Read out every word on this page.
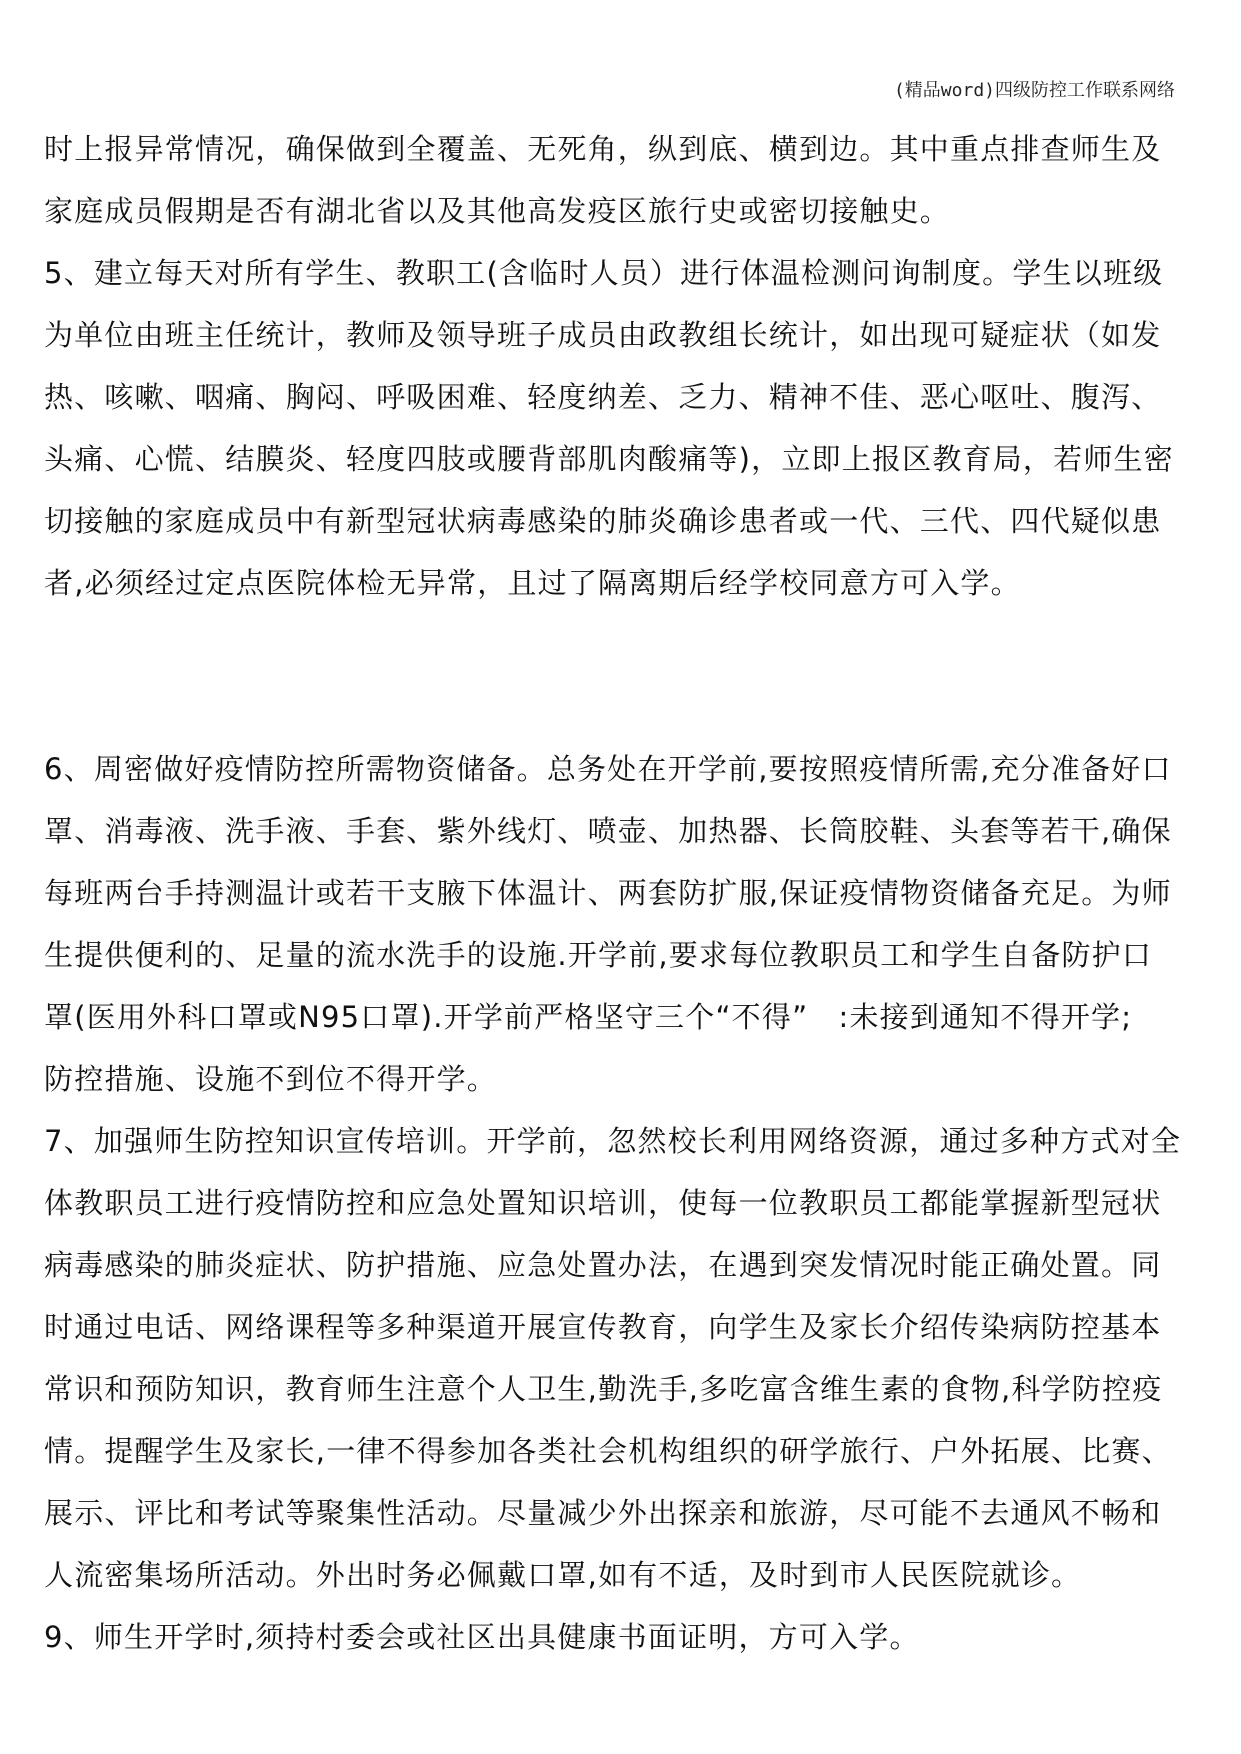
(精品word)四级防控工作联系网络
时上报异常情况，确保做到全覆盖、无死角，纵到底、横到边。其中重点排查师生及
家庭成员假期是否有湖北省以及其他高发疫区旅行史或密切接触史。
5、建立每天对所有学生、教职工(含临时人员）进行体温检测问询制度。学生以班级
为单位由班主任统计，教师及领导班子成员由政教组长统计，如出现可疑症状（如发
热、咳嗽、咽痛、胸闷、呼吸困难、轻度纳差、乏力、精神不佳、恶心呕吐、腹泻、
头痛、心慌、结膜炎、轻度四肢或腰背部肌肉酸痛等)，立即上报区教育局，若师生密
切接触的家庭成员中有新型冠状病毒感染的肺炎确诊患者或一代、三代、四代疑似患
者,必须经过定点医院体检无异常，且过了隔离期后经学校同意方可入学。
6、周密做好疫情防控所需物资储备。总务处在开学前,要按照疫情所需,充分准备好口
罩、消毒液、洗手液、手套、紫外线灯、喷壶、加热器、长筒胶鞋、头套等若干,确保
每班两台手持测温计或若干支腋下体温计、两套防扩服,保证疫情物资储备充足。为师
生提供便利的、足量的流水洗手的设施.开学前,要求每位教职员工和学生自备防护口
罩(医用外科口罩或N95口罩).开学前严格坚守三个“不得”　:未接到通知不得开学;
防控措施、设施不到位不得开学。
7、加强师生防控知识宣传培训。开学前，忽然校长利用网络资源，通过多种方式对全
体教职员工进行疫情防控和应急处置知识培训，使每一位教职员工都能掌握新型冠状
病毒感染的肺炎症状、防护措施、应急处置办法，在遇到突发情况时能正确处置。同
时通过电话、网络课程等多种渠道开展宣传教育，向学生及家长介绍传染病防控基本
常识和预防知识，教育师生注意个人卫生,勤洗手,多吃富含维生素的食物,科学防控疫
情。提醒学生及家长,一律不得参加各类社会机构组织的研学旅行、户外拓展、比赛、
展示、评比和考试等聚集性活动。尽量减少外出探亲和旅游，尽可能不去通风不畅和
人流密集场所活动。外出时务必佩戴口罩,如有不适，及时到市人民医院就诊。
9、师生开学时,须持村委会或社区出具健康书面证明，方可入学。
